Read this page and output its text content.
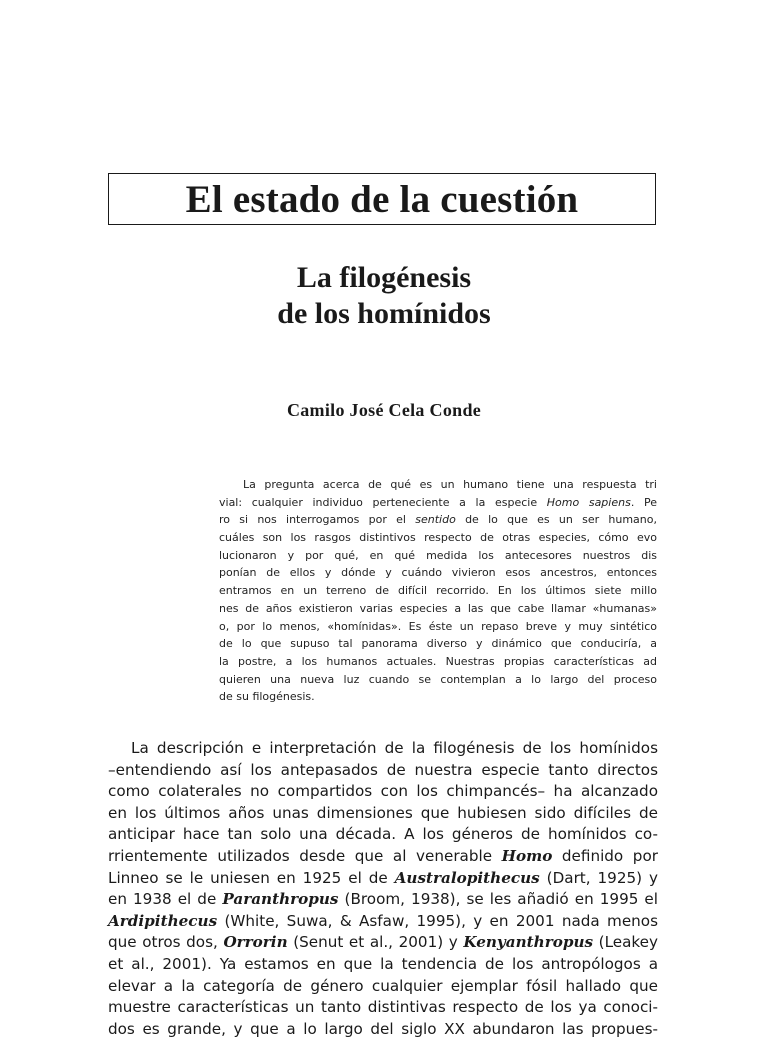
El estado de la cuestión
La filogénesis
de los homínidos
Camilo José Cela Conde
La pregunta acerca de qué es un humano tiene una respuesta tri
vial: cualquier individuo perteneciente a la especie Homo sapiens. Pe
ro si nos interrogamos por el sentido de lo que es un ser humano,
cuáles son los rasgos distintivos respecto de otras especies, cómo evo
lucionaron y por qué, en qué medida los antecesores nuestros dis
ponían de ellos y dónde y cuándo vivieron esos ancestros, entonces
entramos en un terreno de difícil recorrido. En los últimos siete millo
nes de años existieron varias especies a las que cabe llamar «humanas»
o, por lo menos, «homínidas». Es éste un repaso breve y muy sintético
de lo que supuso tal panorama diverso y dinámico que conduciría, a
la postre, a los humanos actuales. Nuestras propias características ad
quieren una nueva luz cuando se contemplan a lo largo del proceso
de su filogénesis.
La descripción e interpretación de la filogénesis de los homínidos
–entendiendo así los antepasados de nuestra especie tanto directos
como colaterales no compartidos con los chimpancés– ha alcanzado
en los últimos años unas dimensiones que hubiesen sido difíciles de
anticipar hace tan solo una década. A los géneros de homínidos co-
rrientemente utilizados desde que al venerable Homo definido por
Linneo se le uniesen en 1925 el de Australopithecus (Dart, 1925) y
en 1938 el de Paranthropus (Broom, 1938), se les añadió en 1995 el
Ardipithecus (White, Suwa, & Asfaw, 1995), y en 2001 nada menos
que otros dos, Orrorin (Senut et al., 2001) y Kenyanthropus (Leakey
et al., 2001). Ya estamos en que la tendencia de los antropólogos a
elevar a la categoría de género cualquier ejemplar fósil hallado que
muestre características un tanto distintivas respecto de los ya conoci-
dos es grande, y que a lo largo del siglo XX abundaron las propues-
